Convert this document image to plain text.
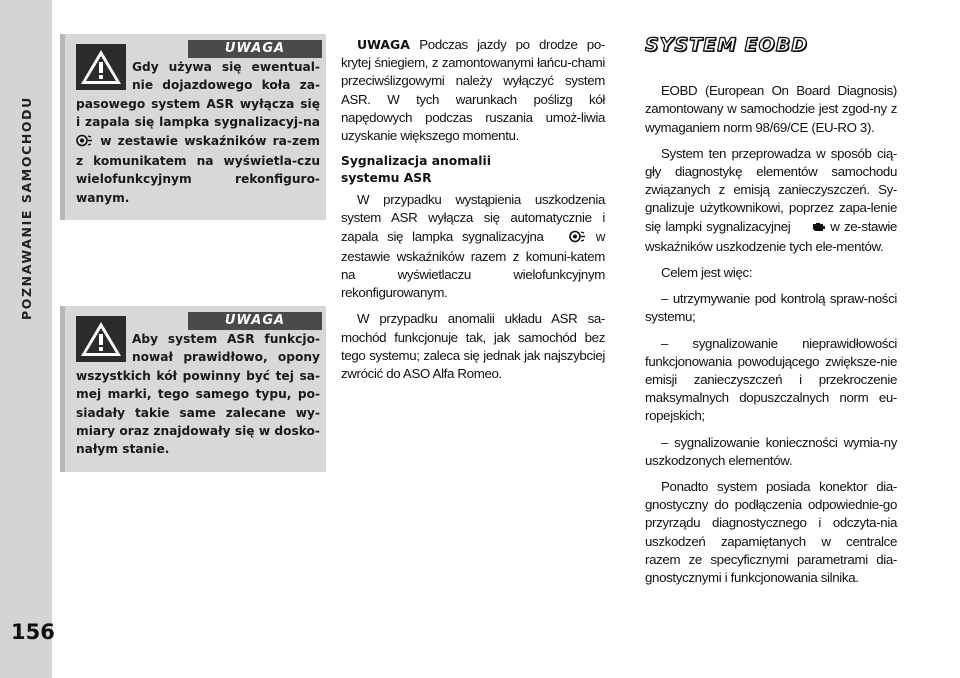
POZNAWANIE SAMOCHODU
156
UWAGA
Gdy używa się ewentual-nie dojazdowego koła za-pasowego system ASR wyłącza się i zapala się lampka sygnalizacyj-na  w zestawie wskaźników ra-zem z komunikatem na wyświetla-czu wielofunkcyjnym rekonfiguro-wanym.
UWAGA
Aby system ASR funkcjo-nował prawidłowo, opony wszystkich kół powinny być tej sa-mej marki, tego samego typu, po-siadały takie same zalecane wy-miary oraz znajdowały się w dosko-nałym stanie.

UWAGA Podczas jazdy po drodze po-krytej śniegiem, z zamontowanymi łańcu-chami przeciwślizgowymi należy wyłączyć system ASR. W tych warunkach poślizg kół napędowych podczas ruszania umoż-liwia uzyskanie większego momentu.

Sygnalizacja anomalii
systemu ASR

W przypadku wystąpienia uszkodzenia system ASR wyłącza się automatycznie i zapala się lampka sygnalizacyjna	w zestawie wskaźników razem z komuni-katem na wyświetlaczu wielofunkcyjnym rekonfigurowanym.

W przypadku anomalii układu ASR sa-mochód funkcjonuje tak, jak samochód bez tego systemu; zaleca się jednak jak najszybciej zwrócić do ASO Alfa Romeo.

SYSTEM EOBD

EOBD (European On Board Diagnosis) zamontowany w samochodzie jest zgod-ny z wymaganiem norm 98/69/CE (EU-RO 3).

System ten przeprowadza w sposób cią-gły diagnostykę elementów samochodu związanych z emisją zanieczyszczeń. Sy-gnalizuje użytkownikowi, poprzez zapa-lenie się lampki sygnalizacyjnej	w ze-stawie wskaźników uszkodzenie tych ele-mentów.

Celem jest więc:

– utrzymywanie pod kontrolą spraw-ności systemu;

– sygnalizowanie nieprawidłowości funkcjonowania powodującego zwiększe-nie emisji zanieczyszczeń i przekroczenie maksymalnych dopuszczalnych norm eu-ropejskich;

– sygnalizowanie konieczności wymia-ny uszkodzonych elementów.

Ponadto system posiada konektor dia-gnostyczny do podłączenia odpowiednie-go przyrządu diagnostycznego i odczyta-nia uszkodzeń zapamiętanych w centralce razem ze specyficznymi parametrami dia-gnostycznymi i funkcjonowania silnika.
